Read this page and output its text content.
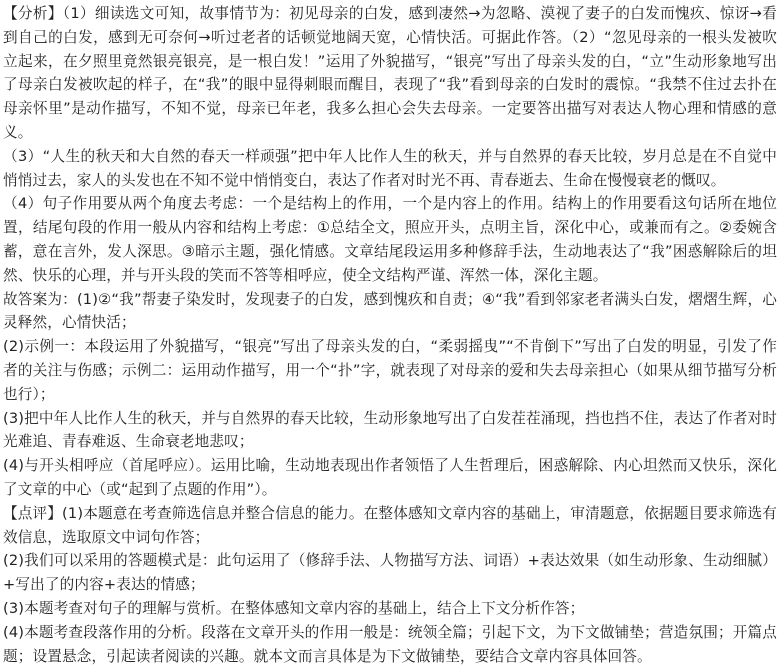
【分析】（1）细读选文可知，故事情节为：初见母亲的白发，感到凄然→为忽略、漠视了妻子的白发而愧疚、惊讶→看到自己的白发，感到无可奈何→听过老者的话顿觉地阔天宽，心情快活。可据此作答。（2）“忽见母亲的一根头发被吹立起来，在夕照里竟然银亮银亮，是一根白发！”运用了外貌描写，“银亮”写出了母亲头发的白，“立”生动形象地写出了母亲白发被吹起的样子，在“我”的眼中显得刺眼而醒目，表现了“我”看到母亲的白发时的震惊。“我禁不住过去扑在母亲怀里”是动作描写，不知不觉，母亲已年老，我多么担心会失去母亲。一定要答出描写对表达人物心理和情感的意义。

（3）“人生的秋天和大自然的春天一样顽强”把中年人比作人生的秋天，并与自然界的春天比较，岁月总是在不自觉中悄悄过去，家人的头发也在不知不觉中悄悄变白，表达了作者对时光不再、青春逝去、生命在慢慢衰老的慨叹。

（4）句子作用要从两个角度去考虑：一个是结构上的作用，一个是内容上的作用。结构上的作用要看这句话所在地位置，结尾句段的作用一般从内容和结构上考虑：①总结全文，照应开头，点明主旨，深化中心，或兼而有之。②委婉含蓄，意在言外，发人深思。③暗示主题，强化情感。文章结尾段运用多种修辞手法，生动地表达了“我”困惑解除后的坦然、快乐的心理，并与开头段的笑而不答等相呼应，使全文结构严谨、浑然一体，深化主题。

故答案为：(1)②“我”帮妻子染发时，发现妻子的白发，感到愧疚和自责；④“我”看到邻家老者满头白发，熠熠生辉，心灵释然，心情快活；

(2)示例一：本段运用了外貌描写，“银亮”写出了母亲头发的白，“柔弱摇曳”“不肯倒下”写出了白发的明显，引发了作者的关注与伤感；示例二：运用动作描写，用一个“扑”字，就表现了对母亲的爱和失去母亲担心（如果从细节描写分析也行）；

(3)把中年人比作人生的秋天，并与自然界的春天比较，生动形象地写出了白发茬茬涌现，挡也挡不住，表达了作者对时光难追、青春难返、生命衰老地悲叹；

(4)与开头相呼应（首尾呼应）。运用比喻，生动地表现出作者领悟了人生哲理后，困惑解除、内心坦然而又快乐，深化了文章的中心（或“起到了点题的作用”）。

【点评】(1)本题意在考查筛选信息并整合信息的能力。在整体感知文章内容的基础上，审清题意，依据题目要求筛选有效信息，选取原文中词句作答；

(2)我们可以采用的答题模式是：此句运用了（修辞手法、人物描写方法、词语）+表达效果（如生动形象、生动细腻）+写出了的内容+表达的情感；

(3)本题考查对句子的理解与赏析。在整体感知文章内容的基础上，结合上下文分析作答；

(4)本题考查段落作用的分析。段落在文章开头的作用一般是：统领全篇；引起下文，为下文做铺垫；营造氛围；开篇点题；设置悬念，引起读者阅读的兴趣。就本文而言具体是为下文做铺垫，要结合文章内容具体回答。
